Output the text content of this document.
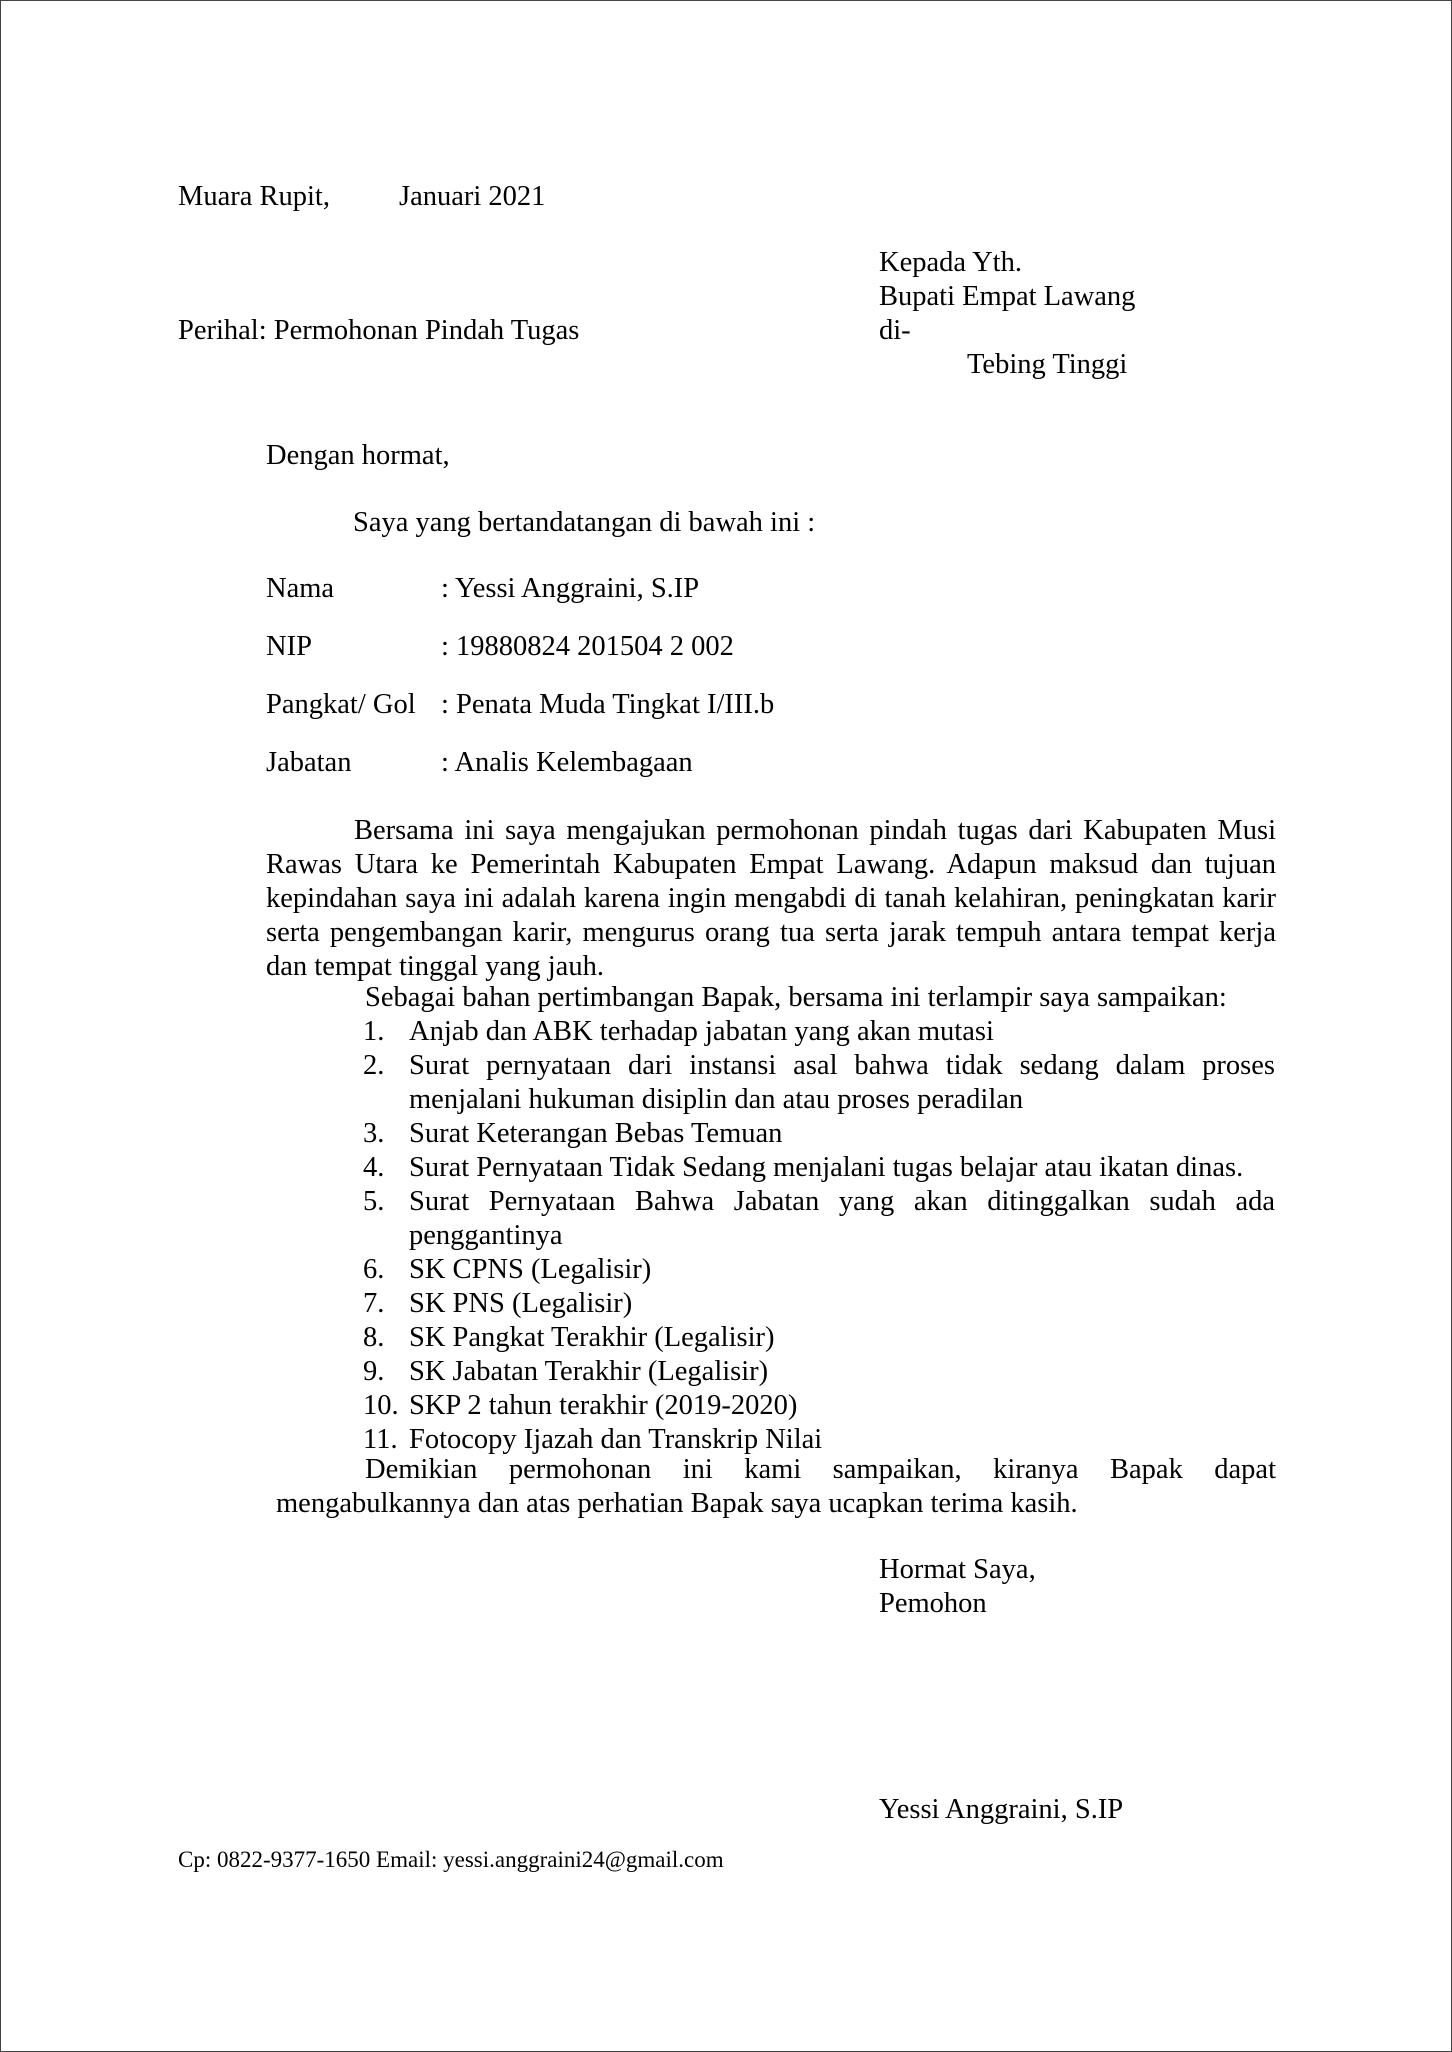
Muara Rupit, Januari 2021
Kepada Yth.
Bupati Empat Lawang
di-
Tebing Tinggi
Perihal: Permohonan Pindah Tugas
Dengan hormat,
Saya yang bertandatangan di bawah ini :
Nama	: Yessi Anggraini, S.IP
NIP	: 19880824 201504 2 002
Pangkat/ Gol : Penata Muda Tingkat I/III.b
Jabatan	: Analis Kelembagaan
Bersama ini saya mengajukan permohonan pindah tugas dari Kabupaten Musi Rawas Utara ke Pemerintah Kabupaten Empat Lawang. Adapun maksud dan tujuan kepindahan saya ini adalah karena ingin mengabdi di tanah kelahiran, peningkatan karir serta pengembangan karir, mengurus orang tua serta jarak tempuh antara tempat kerja dan tempat tinggal yang jauh.
Sebagai bahan pertimbangan Bapak, bersama ini terlampir saya sampaikan:
1. Anjab dan ABK terhadap jabatan yang akan mutasi
2. Surat pernyataan dari instansi asal bahwa tidak sedang dalam proses menjalani hukuman disiplin dan atau proses peradilan
3. Surat Keterangan Bebas Temuan
4. Surat Pernyataan Tidak Sedang menjalani tugas belajar atau ikatan dinas.
5. Surat Pernyataan Bahwa Jabatan yang akan ditinggalkan sudah ada penggantinya
6. SK CPNS (Legalisir)
7. SK PNS (Legalisir)
8. SK Pangkat Terakhir (Legalisir)
9. SK Jabatan Terakhir (Legalisir)
10. SKP 2 tahun terakhir (2019-2020)
11. Fotocopy Ijazah dan Transkrip Nilai
Demikian permohonan ini kami sampaikan, kiranya Bapak dapat mengabulkannya dan atas perhatian Bapak saya ucapkan terima kasih.
Hormat Saya,
Pemohon
Yessi Anggraini, S.IP
Cp: 0822-9377-1650 Email: yessi.anggraini24@gmail.com
